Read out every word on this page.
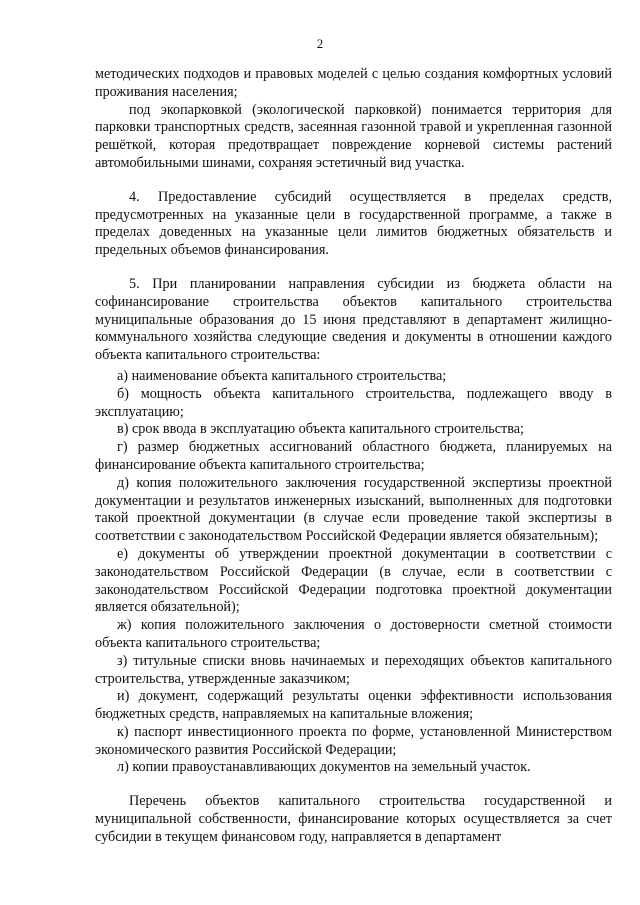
2

методических подходов и правовых моделей с целью создания комфортных условий проживания населения;

под экопарковкой (экологической парковкой) понимается территория для парковки транспортных средств, засеянная газонной травой и укрепленная газонной решёткой, которая предотвращает повреждение корневой системы растений автомобильными шинами, сохраняя эстетичный вид участка.

4. Предоставление субсидий осуществляется в пределах средств, предусмотренных на указанные цели в государственной программе, а также в пределах доведенных на указанные цели лимитов бюджетных обязательств и предельных объемов финансирования.

5. При планировании направления субсидии из бюджета области на софинансирование строительства объектов капитального строительства муниципальные образования до 15 июня представляют в департамент жилищно-коммунального хозяйства следующие сведения и документы в отношении каждого объекта капитального строительства:

а) наименование объекта капитального строительства;

б) мощность объекта капитального строительства, подлежащего вводу в эксплуатацию;

в) срок ввода в эксплуатацию объекта капитального строительства;

г) размер бюджетных ассигнований областного бюджета, планируемых на финансирование объекта капитального строительства;

д) копия положительного заключения государственной экспертизы проектной документации и результатов инженерных изысканий, выполненных для подготовки такой проектной документации (в случае если проведение такой экспертизы в соответствии с законодательством Российской Федерации является обязательным);

е) документы об утверждении проектной документации в соответствии с законодательством Российской Федерации (в случае, если в соответствии с законодательством Российской Федерации подготовка проектной документации является обязательной);

ж) копия положительного заключения о достоверности сметной стоимости объекта капитального строительства;

з) титульные списки вновь начинаемых и переходящих объектов капитального строительства, утвержденные заказчиком;

и) документ, содержащий результаты оценки эффективности использования бюджетных средств, направляемых на капитальные вложения;

к) паспорт инвестиционного проекта по форме, установленной Министерством экономического развития Российской Федерации;

л) копии правоустанавливающих документов на земельный участок.

Перечень объектов капитального строительства государственной и муниципальной собственности, финансирование которых осуществляется за счет субсидии в текущем финансовом году, направляется в департамент
